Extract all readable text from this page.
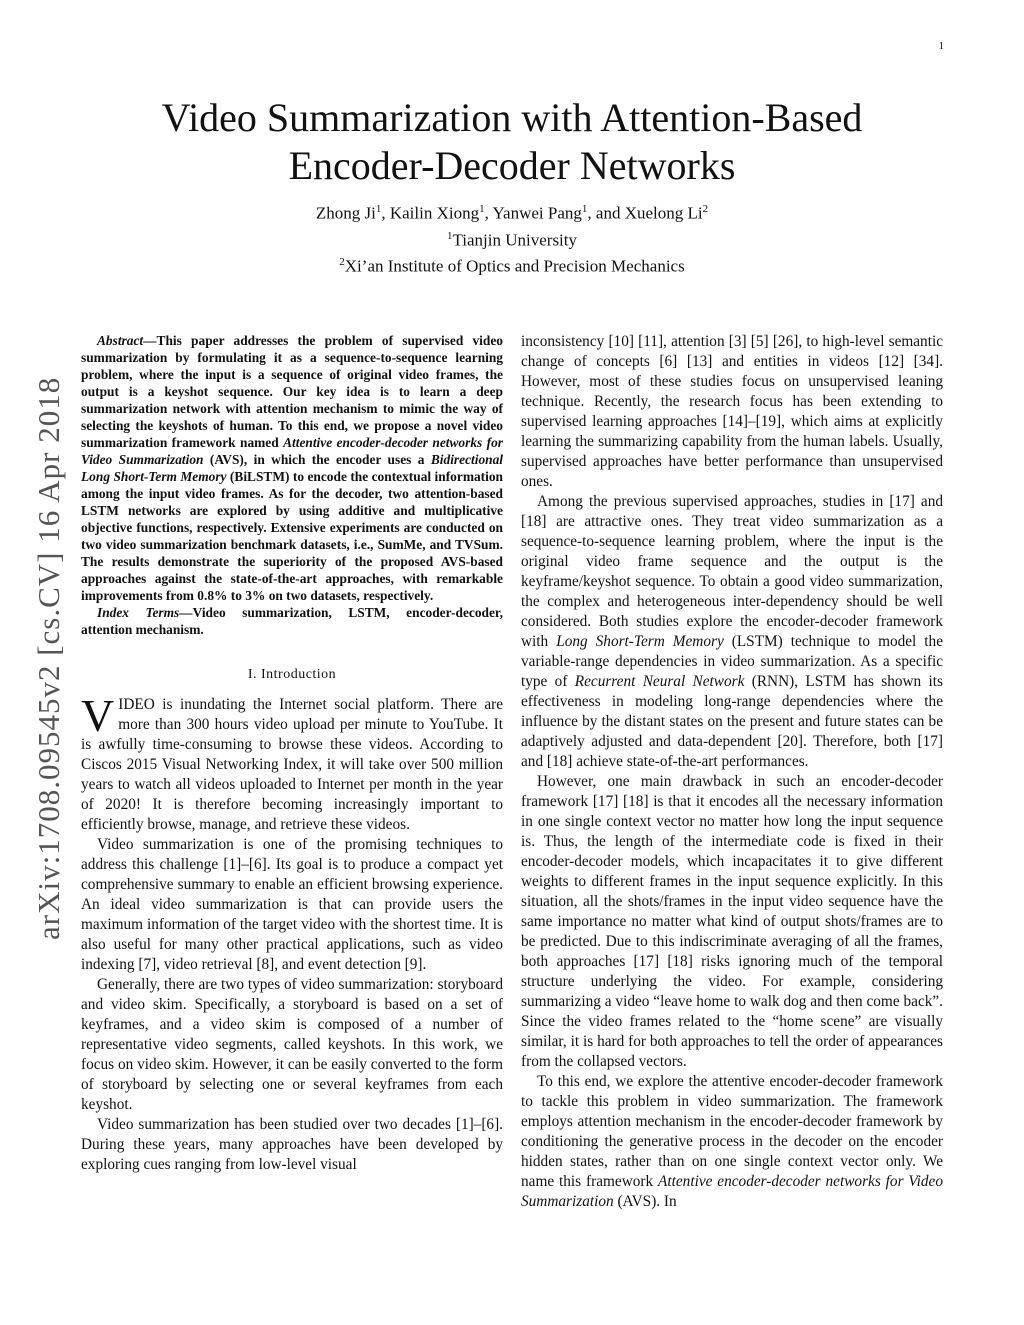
1
arXiv:1708.09545v2 [cs.CV] 16 Apr 2018
Video Summarization with Attention-Based Encoder-Decoder Networks
Zhong Ji$^1$, Kailin Xiong$^1$, Yanwei Pang$^1$, and Xuelong Li$^2$
$^1$Tianjin University
$^2$Xi’an Institute of Optics and Precision Mechanics

Abstract—This paper addresses the problem of supervised video summarization by formulating it as a sequence-to-sequence learning problem, where the input is a sequence of original video frames, the output is a keyshot sequence. Our key idea is to learn a deep summarization network with attention mechanism to mimic the way of selecting the keyshots of human. To this end, we propose a novel video summarization framework named Attentive encoder-decoder networks for Video Summarization (AVS), in which the encoder uses a Bidirectional Long Short-Term Memory (BiLSTM) to encode the contextual information among the input video frames. As for the decoder, two attention-based LSTM networks are explored by using additive and multiplicative objective functions, respectively. Extensive experiments are conducted on two video summarization benchmark datasets, i.e., SumMe, and TVSum. The results demonstrate the superiority of the proposed AVS-based approaches against the state-of-the-art approaches, with remarkable improvements from 0.8% to 3% on two datasets, respectively.

Index Terms—Video summarization, LSTM, encoder-decoder, attention mechanism.

I. Introduction

VIDEO is inundating the Internet social platform. There are more than 300 hours video upload per minute to YouTube. It is awfully time-consuming to browse these videos. According to Ciscos 2015 Visual Networking Index, it will take over 500 million years to watch all videos uploaded to Internet per month in the year of 2020! It is therefore becoming increasingly important to efficiently browse, manage, and retrieve these videos.

Video summarization is one of the promising techniques to address this challenge [1]–[6]. Its goal is to produce a compact yet comprehensive summary to enable an efficient browsing experience. An ideal video summarization is that can provide users the maximum information of the target video with the shortest time. It is also useful for many other practical applications, such as video indexing [7], video retrieval [8], and event detection [9].

Generally, there are two types of video summarization: storyboard and video skim. Specifically, a storyboard is based on a set of keyframes, and a video skim is composed of a number of representative video segments, called keyshots. In this work, we focus on video skim. However, it can be easily converted to the form of storyboard by selecting one or several keyframes from each keyshot.

Video summarization has been studied over two decades [1]–[6]. During these years, many approaches have been developed by exploring cues ranging from low-level visual

inconsistency [10] [11], attention [3] [5] [26], to high-level semantic change of concepts [6] [13] and entities in videos [12] [34]. However, most of these studies focus on unsupervised leaning technique. Recently, the research focus has been extending to supervised learning approaches [14]–[19], which aims at explicitly learning the summarizing capability from the human labels. Usually, supervised approaches have better performance than unsupervised ones.

Among the previous supervised approaches, studies in [17] and [18] are attractive ones. They treat video summarization as a sequence-to-sequence learning problem, where the input is the original video frame sequence and the output is the keyframe/keyshot sequence. To obtain a good video summarization, the complex and heterogeneous inter-dependency should be well considered. Both studies explore the encoder-decoder framework with Long Short-Term Memory (LSTM) technique to model the variable-range dependencies in video summarization. As a specific type of Recurrent Neural Network (RNN), LSTM has shown its effectiveness in modeling long-range dependencies where the influence by the distant states on the present and future states can be adaptively adjusted and data-dependent [20]. Therefore, both [17] and [18] achieve state-of-the-art performances.

However, one main drawback in such an encoder-decoder framework [17] [18] is that it encodes all the necessary information in one single context vector no matter how long the input sequence is. Thus, the length of the intermediate code is fixed in their encoder-decoder models, which incapacitates it to give different weights to different frames in the input sequence explicitly. In this situation, all the shots/frames in the input video sequence have the same importance no matter what kind of output shots/frames are to be predicted. Due to this indiscriminate averaging of all the frames, both approaches [17] [18] risks ignoring much of the temporal structure underlying the video. For example, considering summarizing a video “leave home to walk dog and then come back”. Since the video frames related to the “home scene” are visually similar, it is hard for both approaches to tell the order of appearances from the collapsed vectors.

To this end, we explore the attentive encoder-decoder framework to tackle this problem in video summarization. The framework employs attention mechanism in the encoder-decoder framework by conditioning the generative process in the decoder on the encoder hidden states, rather than on one single context vector only. We name this framework Attentive encoder-decoder networks for Video Summarization (AVS). In
